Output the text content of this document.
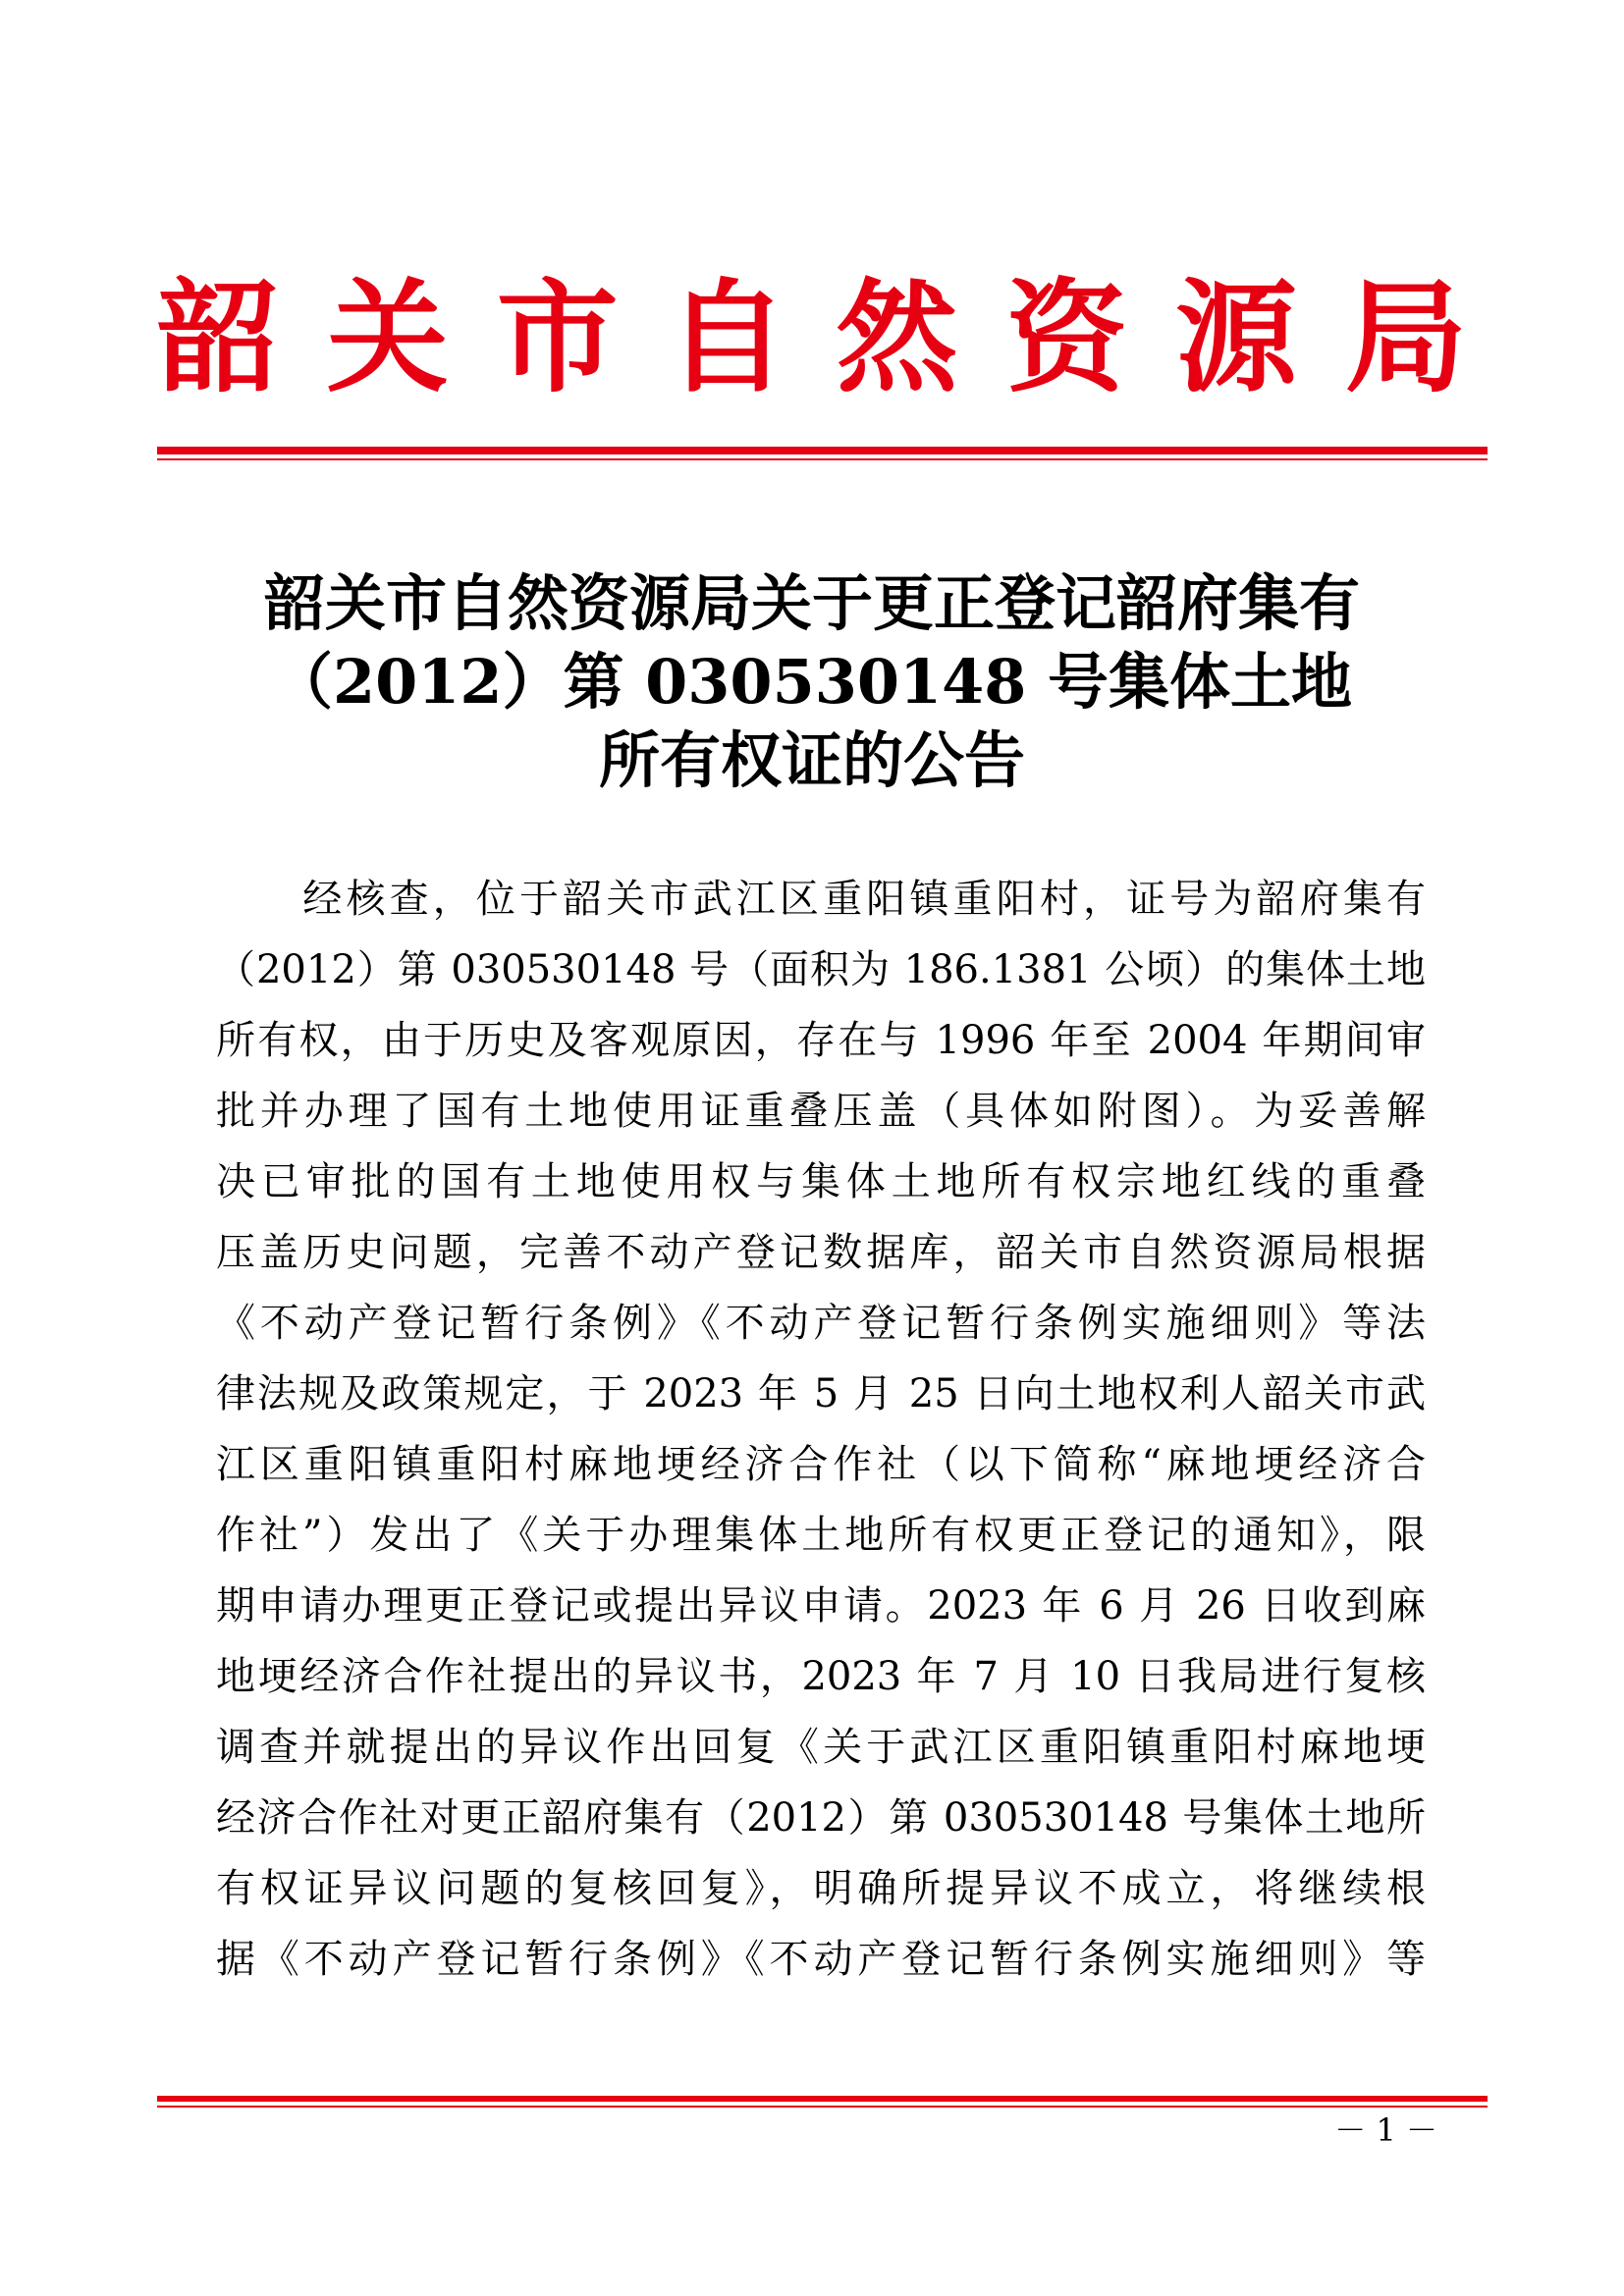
韶 关 市 自 然 资 源 局
韶关市自然资源局关于更正登记韶府集有
（2012）第 030530148 号集体土地
所有权证的公告
　　经核查，位于韶关市武江区重阳镇重阳村，证号为韶府集有
（2012）第 030530148 号（面积为 186.1381 公顷）的集体土地
所有权，由于历史及客观原因，存在与 1996 年至 2004 年期间审
批并办理了国有土地使用证重叠压盖（具体如附图）。为妥善解
决已审批的国有土地使用权与集体土地所有权宗地红线的重叠
压盖历史问题，完善不动产登记数据库，韶关市自然资源局根据
《不动产登记暂行条例》《不动产登记暂行条例实施细则》等法
律法规及政策规定，于 2023 年 5 月 25 日向土地权利人韶关市武
江区重阳镇重阳村麻地埂经济合作社（以下简称“麻地埂经济合
作社”）发出了《关于办理集体土地所有权更正登记的通知》，限
期申请办理更正登记或提出异议申请。2023 年 6 月 26 日收到麻
地埂经济合作社提出的异议书，2023 年 7 月 10 日我局进行复核
调查并就提出的异议作出回复《关于武江区重阳镇重阳村麻地埂
经济合作社对更正韶府集有（2012）第 030530148 号集体土地所
有权证异议问题的复核回复》，明确所提异议不成立，将继续根
据《不动产登记暂行条例》《不动产登记暂行条例实施细则》等
－ 1 －
